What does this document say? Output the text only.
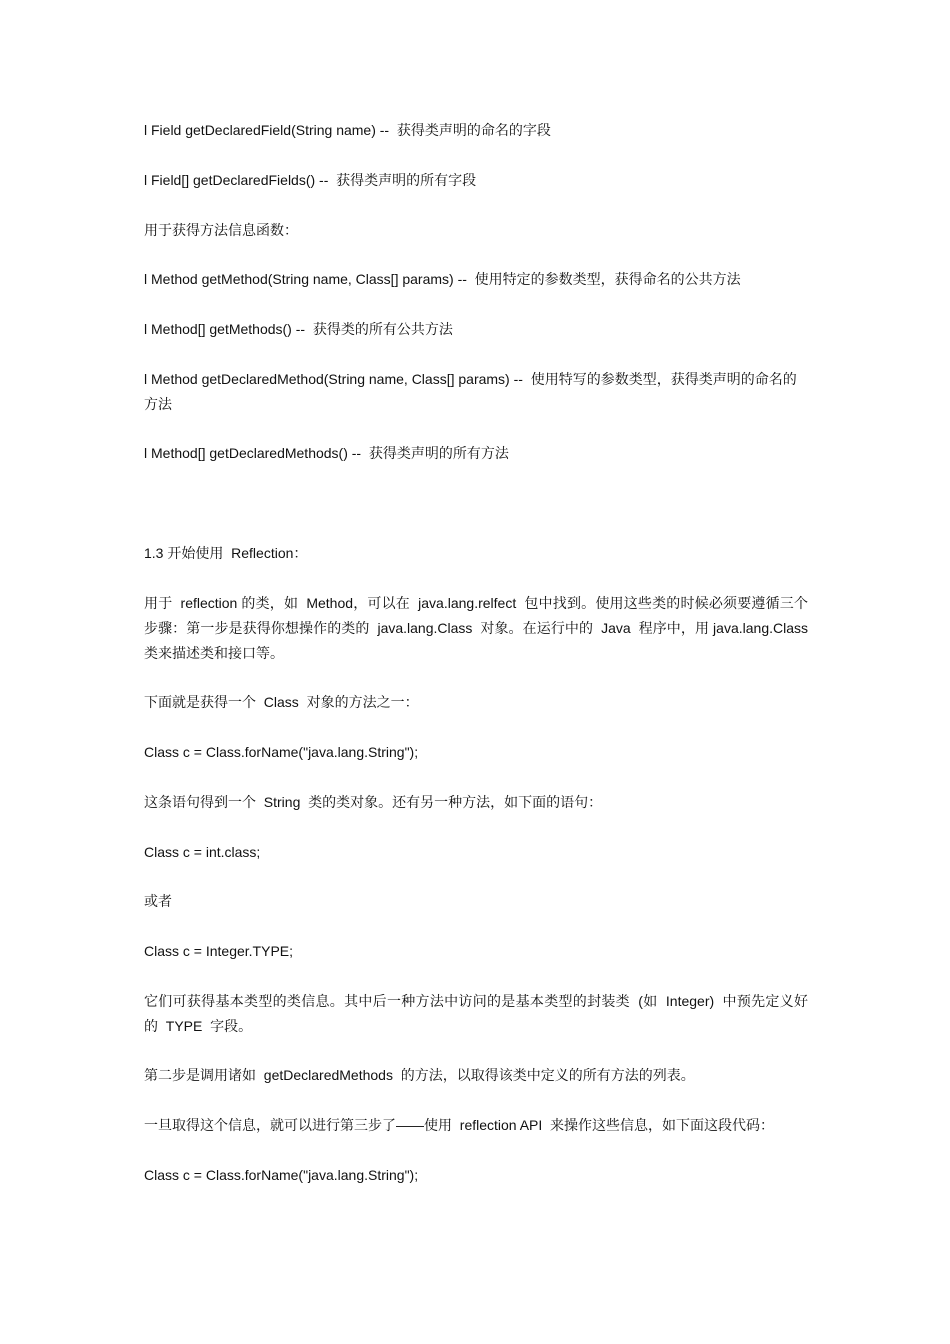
l Field getDeclaredField(String name) --  获得类声明的命名的字段

l Field[] getDeclaredFields() --  获得类声明的所有字段

用于获得方法信息函数：

l Method getMethod(String name, Class[] params) --  使用特定的参数类型，获得命名的公共方法

l Method[] getMethods() --  获得类的所有公共方法

l Method getDeclaredMethod(String name, Class[] params) --  使用特写的参数类型，获得类声明的命名的方法

l Method[] getDeclaredMethods() --  获得类声明的所有方法

1.3 开始使用  Reflection：

用于  reflection 的类，如  Method，可以在  java.lang.relfect  包中找到。使用这些类的时候必须要遵循三个步骤：第一步是获得你想操作的类的  java.lang.Class  对象。在运行中的  Java  程序中，用 java.lang.Class  类来描述类和接口等。

下面就是获得一个  Class  对象的方法之一：

Class c = Class.forName("java.lang.String");

这条语句得到一个  String  类的类对象。还有另一种方法，如下面的语句：

Class c = int.class;

或者

Class c = Integer.TYPE;

它们可获得基本类型的类信息。其中后一种方法中访问的是基本类型的封装类  (如  Integer)  中预先定义好的  TYPE  字段。

第二步是调用诸如  getDeclaredMethods  的方法，以取得该类中定义的所有方法的列表。

一旦取得这个信息，就可以进行第三步了——使用  reflection API  来操作这些信息，如下面这段代码：

Class c = Class.forName("java.lang.String");
